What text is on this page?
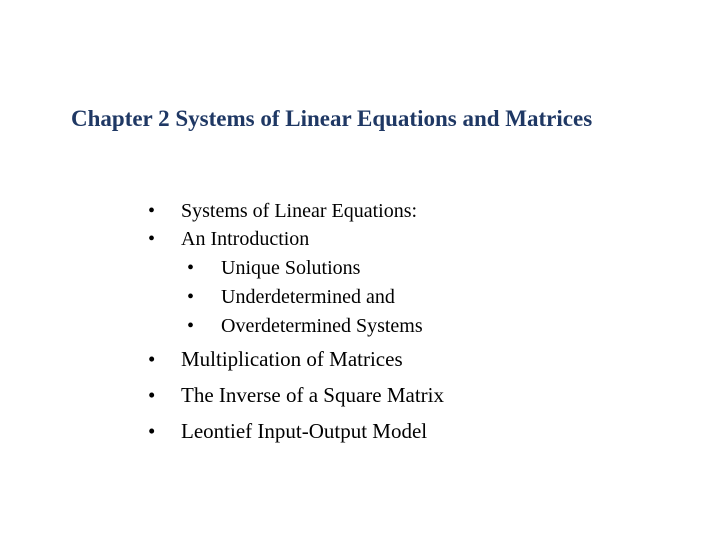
Chapter 2 Systems of Linear Equations and Matrices
• Systems of Linear Equations:
• An Introduction
• Unique Solutions
• Underdetermined and
• Overdetermined Systems
• Multiplication of Matrices
• The Inverse of a Square Matrix
• Leontief Input-Output Model
